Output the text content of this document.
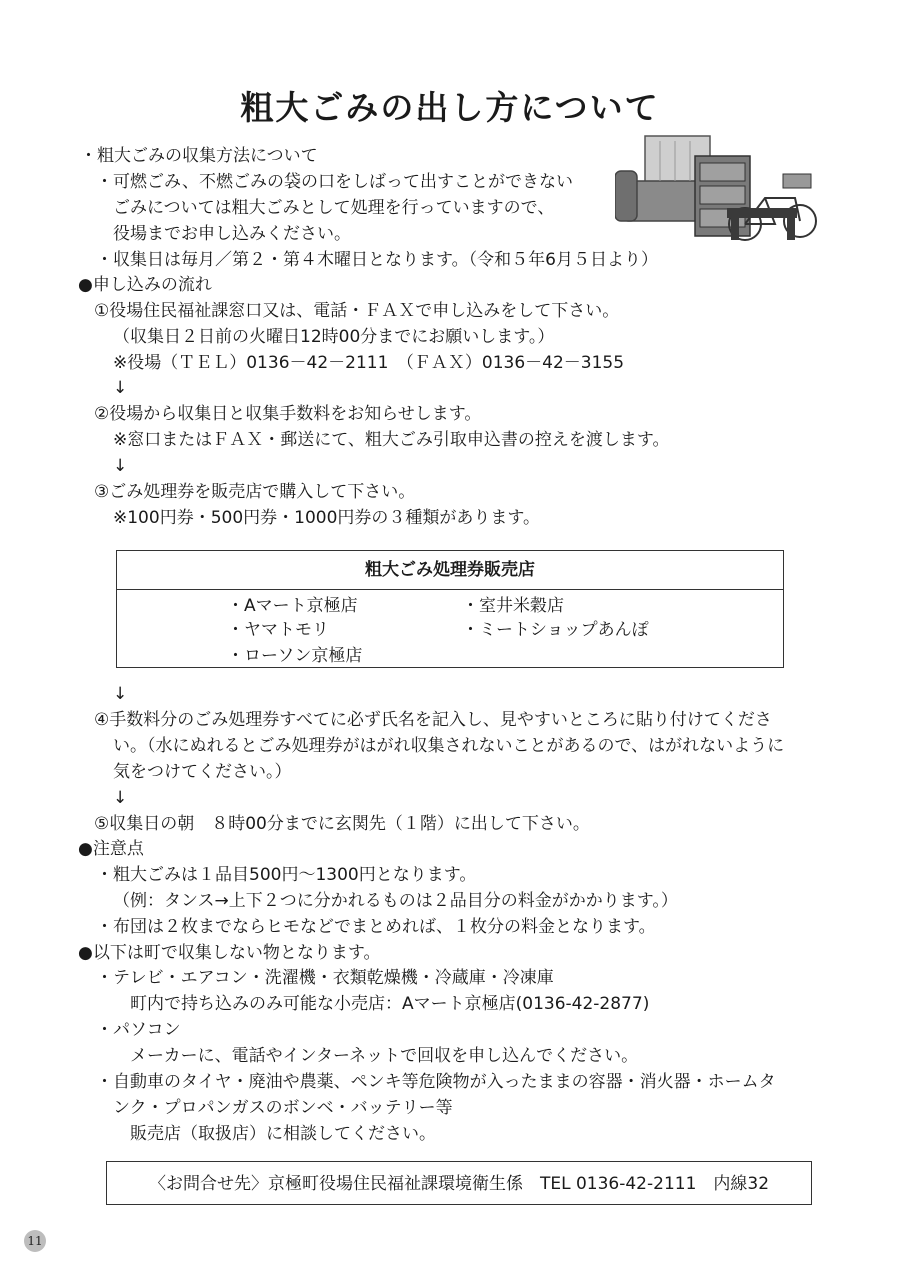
粗大ごみの出し方について
・粗大ごみの収集方法について
・可燃ごみ、不燃ごみの袋の口をしばって出すことができない
ごみについては粗大ごみとして処理を行っていますので、
役場までお申し込みください。
・収集日は毎月／第２・第４木曜日となります。（令和５年6月５日より）
●申し込みの流れ
①役場住民福祉課窓口又は、電話・ＦＡＸで申し込みをして下さい。
（収集日２日前の火曜日12時00分までにお願いします。）
※役場（ＴＥＬ）0136－42－2111　（ＦＡＸ）0136－42－3155
↓
②役場から収集日と収集手数料をお知らせします。
※窓口またはＦＡＸ・郵送にて、粗大ごみ引取申込書の控えを渡します。
↓
③ごみ処理券を販売店で購入して下さい。
※100円券・500円券・1000円券の３種類があります。
粗大ごみ処理券販売店
・Aマート京極店
・ヤマトモリ
・ローソン京極店
・室井米穀店
・ミートショップあんぽ
↓
④手数料分のごみ処理券すべてに必ず氏名を記入し、見やすいところに貼り付けてくださ
い。（水にぬれるとごみ処理券がはがれ収集されないことがあるので、はがれないように
気をつけてください。）
↓
⑤収集日の朝　８時00分までに玄関先（１階）に出して下さい。
●注意点
・粗大ごみは１品目500円～1300円となります。
（例：タンス→上下２つに分かれるものは２品目分の料金がかかります。）
・布団は２枚までならヒモなどでまとめれば、１枚分の料金となります。
●以下は町で収集しない物となります。
・テレビ・エアコン・洗濯機・衣類乾燥機・冷蔵庫・冷凍庫
町内で持ち込みのみ可能な小売店：Aマート京極店(0136-42-2877)
・パソコン
メーカーに、電話やインターネットで回収を申し込んでください。
・自動車のタイヤ・廃油や農薬、ペンキ等危険物が入ったままの容器・消火器・ホームタ
ンク・プロパンガスのボンベ・バッテリー等
販売店（取扱店）に相談してください。
〈お問合せ先〉京極町役場住民福祉課環境衛生係　TEL 0136-42-2111　内線32
11
